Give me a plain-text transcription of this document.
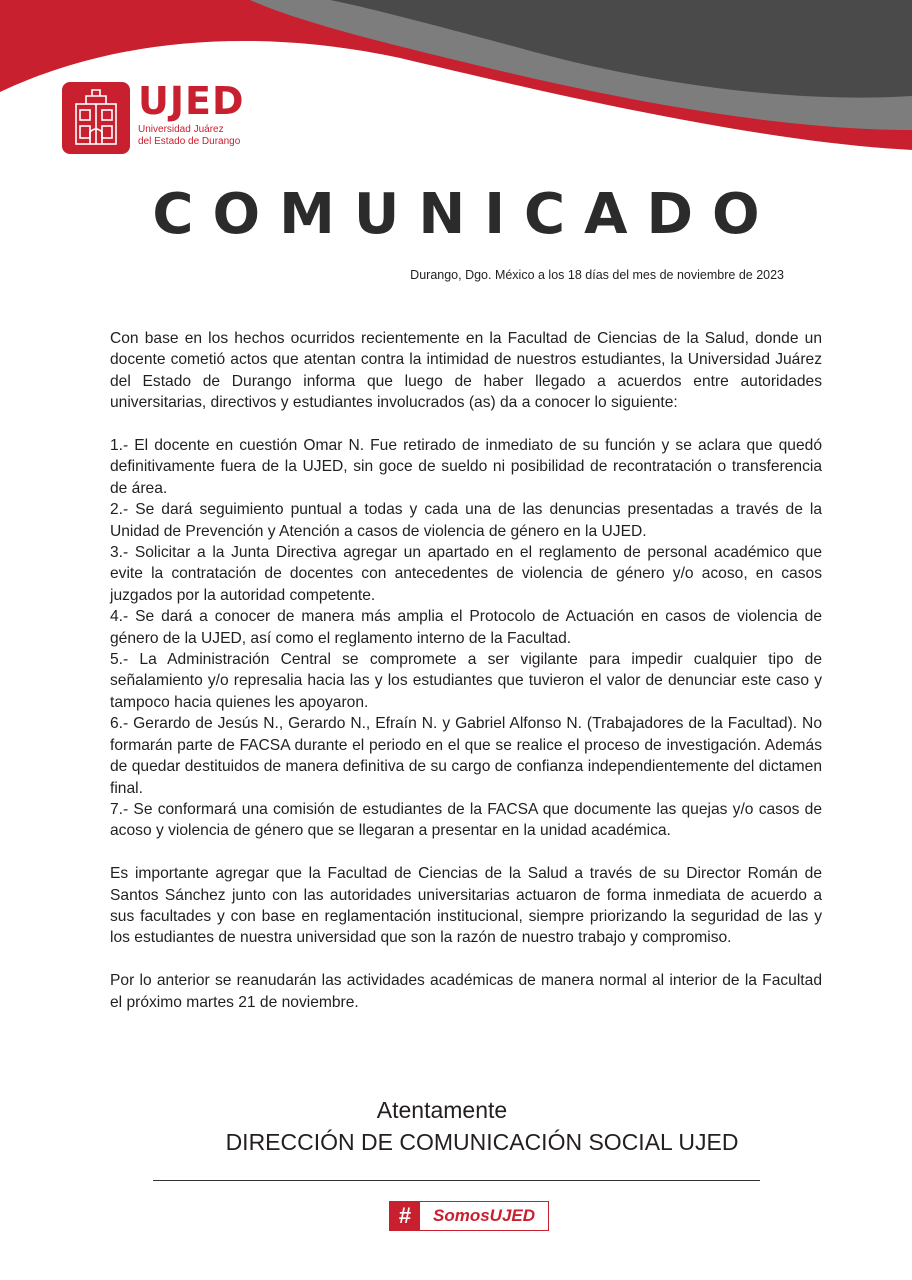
UJED
Universidad Juárez
del Estado de Durango
COMUNICADO
Durango, Dgo. México a los 18 días del mes de noviembre de 2023

Con base en los hechos ocurridos recientemente en la Facultad de Ciencias de la Salud, donde un docente cometió actos que atentan contra la intimidad de nuestros estudiantes, la Universidad Juárez del Estado de Durango informa que luego de haber llegado a acuerdos entre autoridades universitarias, directivos y estudiantes involucrados (as) da a conocer lo siguiente:

1.- El docente en cuestión Omar N. Fue retirado de inmediato de su función y se aclara que quedó definitivamente fuera de la UJED, sin goce de sueldo ni posibilidad de recontratación o transferencia de área.

2.- Se dará seguimiento puntual a todas y cada una de las denuncias presentadas a través de la Unidad de Prevención y Atención a casos de violencia de género en la UJED.

3.- Solicitar a la Junta Directiva agregar un apartado en el reglamento de personal académico que evite la contratación de docentes con antecedentes de violencia de género y/o acoso, en casos juzgados por la autoridad competente.

4.- Se dará a conocer de manera más amplia el Protocolo de Actuación en casos de violencia de género de la UJED, así como el reglamento interno de la Facultad.

5.- La Administración Central se compromete a ser vigilante para impedir cualquier tipo de señalamiento y/o represalia hacia las y los estudiantes que tuvieron el valor de denunciar este caso y tampoco hacia quienes les apoyaron.

6.- Gerardo de Jesús N., Gerardo N., Efraín N. y Gabriel Alfonso N. (Trabajadores de la Facultad). No formarán parte de FACSA durante el periodo en el que se realice el proceso de investigación. Además de quedar destituidos de manera definitiva de su cargo de confianza independientemente del dictamen final.

7.- Se conformará una comisión de estudiantes de la FACSA que documente las quejas y/o casos de acoso y violencia de género que se llegaran a presentar en la unidad académica.

Es importante agregar que la Facultad de Ciencias de la Salud a través de su Director Román de Santos Sánchez junto con las autoridades universitarias actuaron de forma inmediata de acuerdo a sus facultades y con base en reglamentación institucional, siempre priorizando la seguridad de las y los estudiantes de nuestra universidad que son la razón de nuestro trabajo y compromiso.

Por lo anterior se reanudarán las actividades académicas de manera normal al interior de la Facultad el próximo martes 21 de noviembre.

Atentamente
DIRECCIÓN DE COMUNICACIÓN SOCIAL UJED
#	SomosUJED
